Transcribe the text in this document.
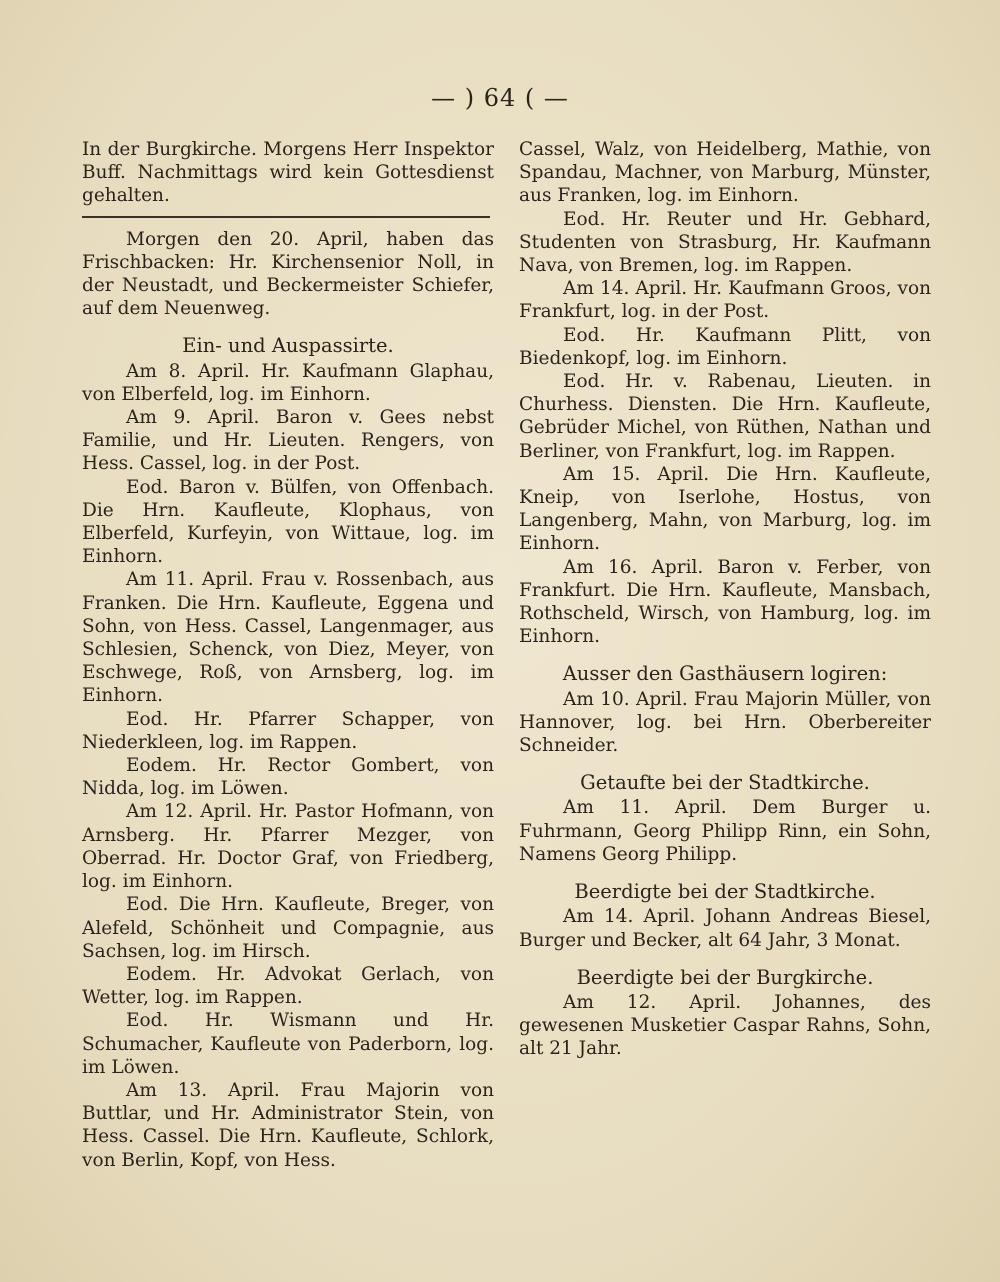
— ) 64 ( —

In der Burgkirche. Morgens Herr Inspektor Buff. Nachmittags wird kein Gottesdienst gehalten.

Morgen den 20. April, haben das Frischbacken: Hr. Kirchensenior Noll, in der Neustadt, und Beckermeister Schiefer, auf dem Neuenweg.

Ein- und Auspassirte.

Am 8. April. Hr. Kaufmann Glaphau, von Elberfeld, log. im Einhorn.

Am 9. April. Baron v. Gees nebst Familie, und Hr. Lieuten. Rengers, von Hess. Cassel, log. in der Post.

Eod. Baron v. Bülfen, von Offenbach. Die Hrn. Kaufleute, Klophaus, von Elberfeld, Kurfeyin, von Wittaue, log. im Einhorn.

Am 11. April. Frau v. Rossenbach, aus Franken. Die Hrn. Kaufleute, Eggena und Sohn, von Hess. Cassel, Langenmager, aus Schlesien, Schenck, von Diez, Meyer, von Eschwege, Roß, von Arnsberg, log. im Einhorn.

Eod. Hr. Pfarrer Schapper, von Niederkleen, log. im Rappen.

Eodem. Hr. Rector Gombert, von Nidda, log. im Löwen.

Am 12. April. Hr. Pastor Hofmann, von Arnsberg. Hr. Pfarrer Mezger, von Oberrad. Hr. Doctor Graf, von Friedberg, log. im Einhorn.

Eod. Die Hrn. Kaufleute, Breger, von Alefeld, Schönheit und Compagnie, aus Sachsen, log. im Hirsch.

Eodem. Hr. Advokat Gerlach, von Wetter, log. im Rappen.

Eod. Hr. Wismann und Hr. Schumacher, Kaufleute von Paderborn, log. im Löwen.

Am 13. April. Frau Majorin von Buttlar, und Hr. Administrator Stein, von Hess. Cassel. Die Hrn. Kaufleute, Schlork, von Berlin, Kopf, von Hess.

Cassel, Walz, von Heidelberg, Mathie, von Spandau, Machner, von Marburg, Münster, aus Franken, log. im Einhorn.

Eod. Hr. Reuter und Hr. Gebhard, Studenten von Strasburg, Hr. Kaufmann Nava, von Bremen, log. im Rappen.

Am 14. April. Hr. Kaufmann Groos, von Frankfurt, log. in der Post.

Eod. Hr. Kaufmann Plitt, von Biedenkopf, log. im Einhorn.

Eod. Hr. v. Rabenau, Lieuten. in Churhess. Diensten. Die Hrn. Kaufleute, Gebrüder Michel, von Rüthen, Nathan und Berliner, von Frankfurt, log. im Rappen.

Am 15. April. Die Hrn. Kaufleute, Kneip, von Iserlohe, Hostus, von Langenberg, Mahn, von Marburg, log. im Einhorn.

Am 16. April. Baron v. Ferber, von Frankfurt. Die Hrn. Kaufleute, Mansbach, Rothscheld, Wirsch, von Hamburg, log. im Einhorn.

Ausser den Gasthäusern logiren:

Am 10. April. Frau Majorin Müller, von Hannover, log. bei Hrn. Oberbereiter Schneider.

Getaufte bei der Stadtkirche.

Am 11. April. Dem Burger u. Fuhrmann, Georg Philipp Rinn, ein Sohn, Namens Georg Philipp.

Beerdigte bei der Stadtkirche.

Am 14. April. Johann Andreas Biesel, Burger und Becker, alt 64 Jahr, 3 Monat.

Beerdigte bei der Burgkirche.

Am 12. April. Johannes, des gewesenen Musketier Caspar Rahns, Sohn, alt 21 Jahr.
